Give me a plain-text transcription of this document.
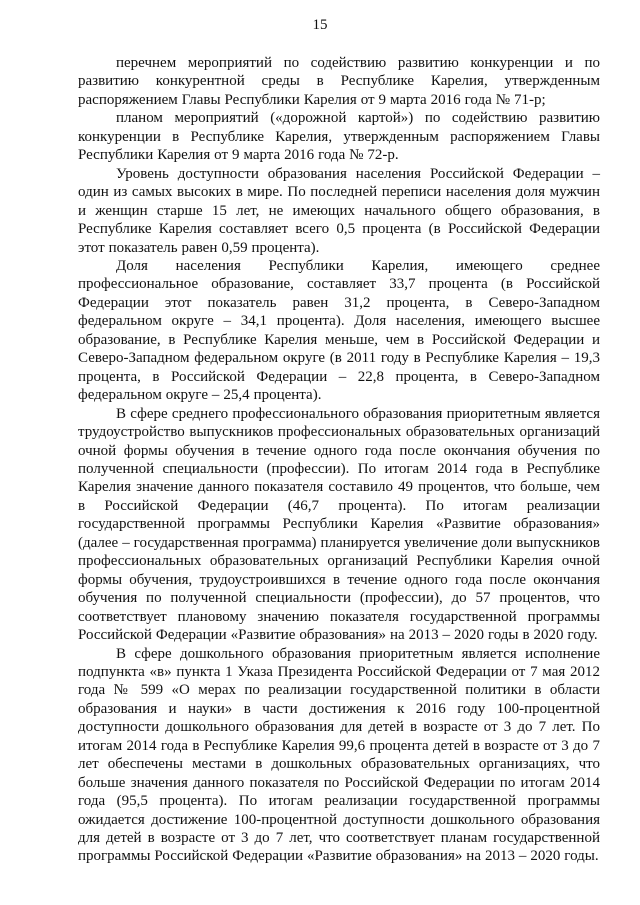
15

перечнем мероприятий по содействию развитию конкуренции и по развитию конкурентной среды в Республике Карелия, утвержденным распоряжением Главы Республики Карелия от 9 марта 2016 года № 71-р;

планом мероприятий («дорожной картой») по содействию развитию конкуренции в Республике Карелия, утвержденным распоряжением Главы Республики Карелия от 9 марта 2016 года № 72-р.

Уровень доступности образования населения Российской Федерации – один из самых высоких в мире. По последней переписи населения доля мужчин и женщин старше 15 лет, не имеющих начального общего образования, в Республике Карелия составляет всего 0,5 процента (в Российской Федерации этот показатель равен 0,59 процента).

Доля населения Республики Карелия, имеющего среднее профессиональное образование, составляет 33,7 процента (в Российской Федерации этот показатель равен 31,2 процента, в Северо-Западном федеральном округе – 34,1 процента). Доля населения, имеющего высшее образование, в Республике Карелия меньше, чем в Российской Федерации и Северо-Западном федеральном округе (в 2011 году в Республике Карелия – 19,3 процента, в Российской Федерации – 22,8 процента, в Северо-Западном федеральном округе – 25,4 процента).

В сфере среднего профессионального образования приоритетным является трудоустройство выпускников профессиональных образовательных организаций очной формы обучения в течение одного года после окончания обучения по полученной специальности (профессии). По итогам 2014 года в Республике Карелия значение данного показателя составило 49 процентов, что больше, чем в Российской Федерации (46,7 процента). По итогам реализации государственной программы Республики Карелия «Развитие образования» (далее – государственная программа) планируется увеличение доли выпускников профессиональных образовательных организаций Республики Карелия очной формы обучения, трудоустроившихся в течение одного года после окончания обучения по полученной специальности (профессии), до 57 процентов, что соответствует плановому значению показателя государственной программы Российской Федерации «Развитие образования» на 2013 – 2020 годы в 2020 году.

В сфере дошкольного образования приоритетным является исполнение подпункта «в» пункта 1 Указа Президента Российской Федерации от 7 мая 2012 года № 599 «О мерах по реализации государственной политики в области образования и науки» в части достижения к 2016 году 100-процентной доступности дошкольного образования для детей в возрасте от 3 до 7 лет. По итогам 2014 года в Республике Карелия 99,6 процента детей в возрасте от 3 до 7 лет обеспечены местами в дошкольных образовательных организациях, что больше значения данного показателя по Российской Федерации по итогам 2014 года (95,5 процента). По итогам реализации государственной программы ожидается достижение 100-процентной доступности дошкольного образования для детей в возрасте от 3 до 7 лет, что соответствует планам государственной программы Российской Федерации «Развитие образования» на 2013 – 2020 годы.
